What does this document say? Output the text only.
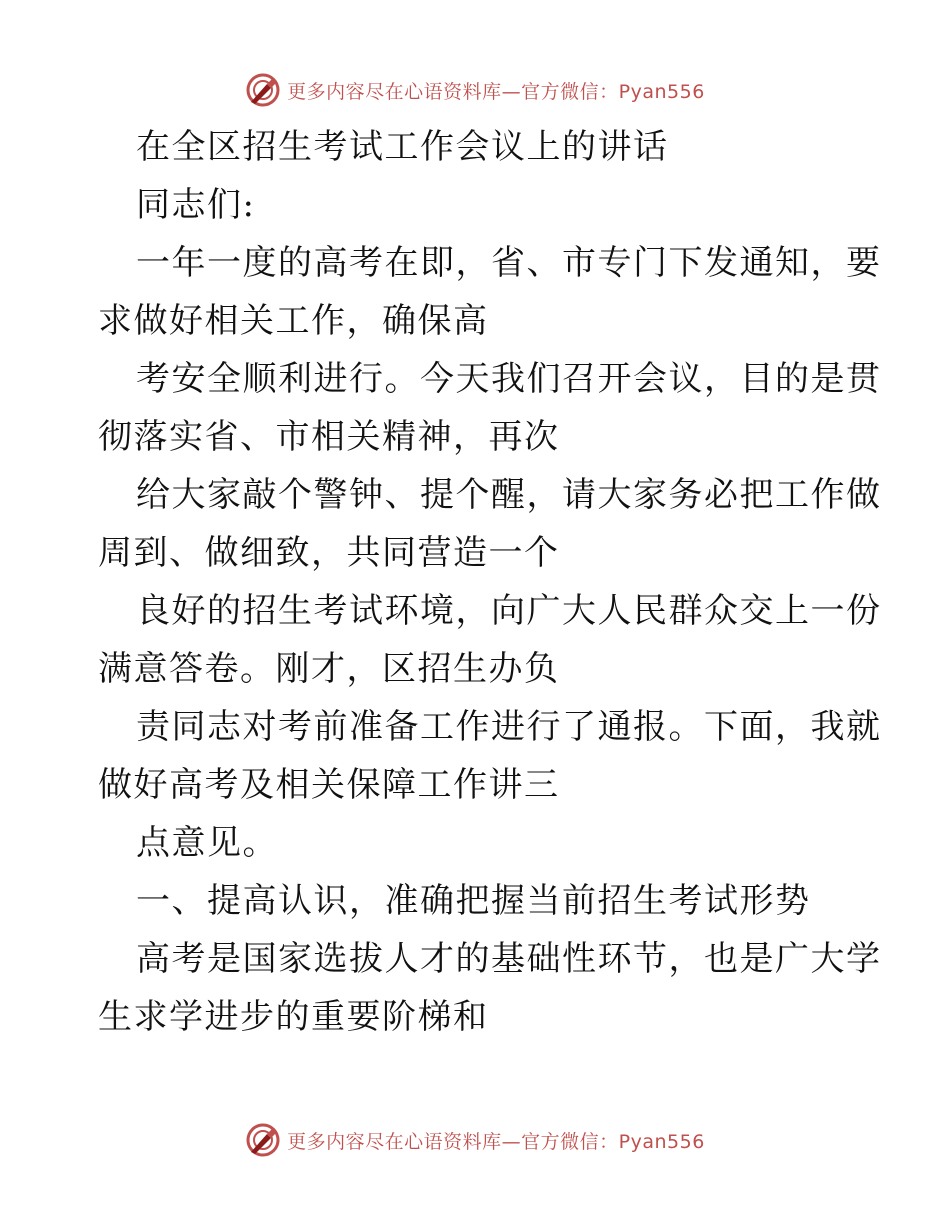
更多内容尽在心语资料库—官方微信：Pyan556
在全区招生考试工作会议上的讲话
同志们:
一年一度的高考在即，省、市专门下发通知，要
求做好相关工作，确保高
考安全顺利进行。今天我们召开会议，目的是贯
彻落实省、市相关精神，再次
给大家敲个警钟、提个醒，请大家务必把工作做
周到、做细致，共同营造一个
良好的招生考试环境，向广大人民群众交上一份
满意答卷。刚才，区招生办负
责同志对考前准备工作进行了通报。下面，我就
做好高考及相关保障工作讲三
点意见。
一、提高认识，准确把握当前招生考试形势
高考是国家选拔人才的基础性环节，也是广大学
生求学进步的重要阶梯和
更多内容尽在心语资料库—官方微信：Pyan556
